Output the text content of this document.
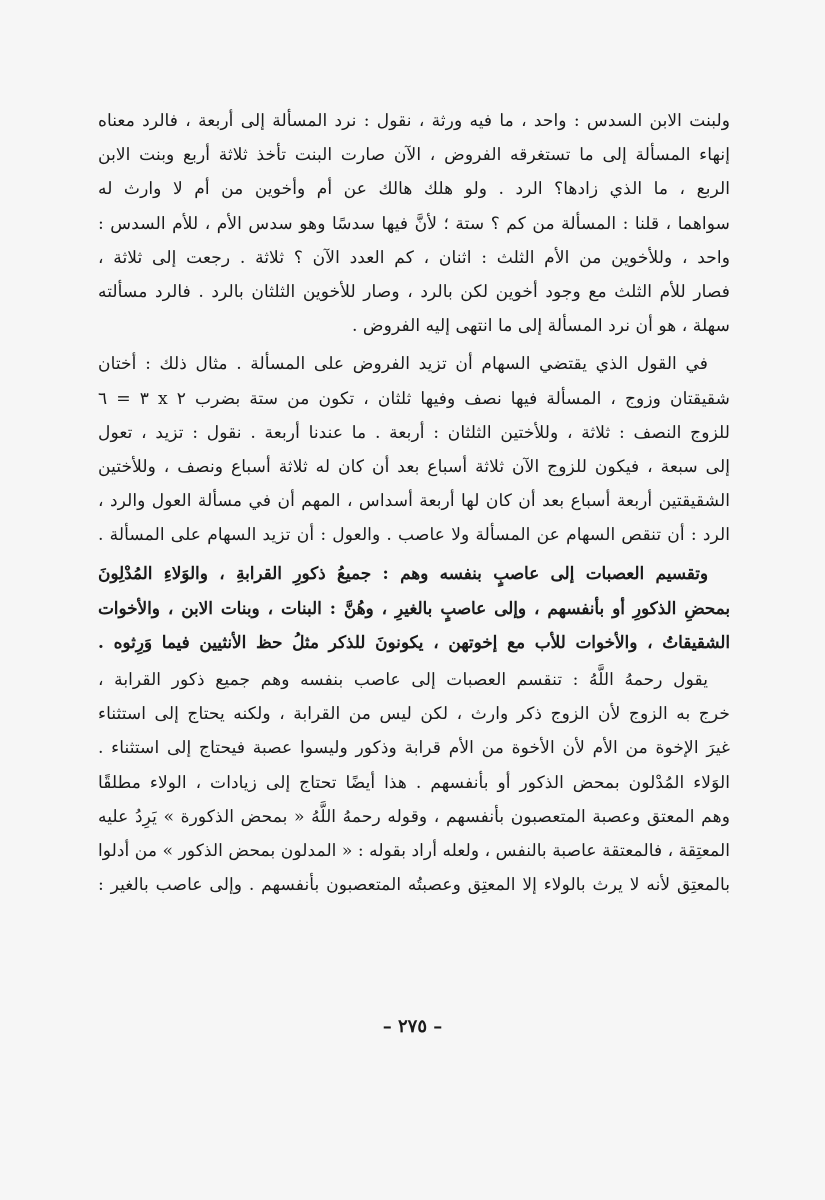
ولبنت الابن السدس : واحد ، ما فيه ورثة ، نقول : نرد المسألة إلى أربعة ، فالرد معناه
إنهاء المسألة إلى ما تستغرقه الفروض ، الآن صارت البنت تأخذ ثلاثة أربع وبنت الابن
الربع ، ما الذي زادها؟ الرد . ولو هلك هالك عن أم وأخوين من أم لا وارث له
سواهما ، قلنا : المسألة من كم ؟ ستة ؛ لأنَّ فيها سدسًا وهو سدس الأم ، للأم السدس :
واحد ، وللأخوين من الأم الثلث : اثنان ، كم العدد الآن ؟ ثلاثة . رجعت إلى ثلاثة ،
فصار للأم الثلث مع وجود أخوين لكن بالرد ، وصار للأخوين الثلثان بالرد . فالرد مسألته
سهلة ، هو أن نرد المسألة إلى ما انتهى إليه الفروض .
في القول الذي يقتضي السهام أن تزيد الفروض على المسألة . مثال ذلك : أختان
شقيقتان وزوج ، المسألة فيها نصف وفيها ثلثان ، تكون من ستة بضرب ٢ x ٣ = ٦
للزوج النصف : ثلاثة ، وللأختين الثلثان : أربعة . ما عندنا أربعة . نقول : تزيد ، تعول
إلى سبعة ، فيكون للزوج الآن ثلاثة أسباع بعد أن كان له ثلاثة أسباع ونصف ، وللأختين
الشقيقتين أربعة أسباع بعد أن كان لها أربعة أسداس ، المهم أن في مسألة العول والرد ،
الرد : أن تنقص السهام عن المسألة ولا عاصب . والعول : أن تزيد السهام على المسألة .
وتقسيم العصبات إلى عاصبٍ بنفسه وهم : جميعُ ذكورِ القرابةِ ، والوَلاءِ المُدْلِونَ
بمحضِ الذكورِ أو بأنفسهم ، وإلى عاصبٍ بالغيرِ ، وهُنَّ : البنات ، وبنات الابن ، والأخوات
الشقيقاتُ ، والأخوات للأب مع إخوتهن ، يكونونَ للذكر مثلُ حظ الأنثيين فيما وَرِثوه .
يقول رحمهُ اللَّهُ : تنقسم العصبات إلى عاصب بنفسه وهم جميع ذكور القرابة ،
خرج به الزوج لأن الزوج ذكر وارث ، لكن ليس من القرابة ، ولكنه يحتاج إلى استثناء
غيرَ الإخوة من الأم لأن الأخوة من الأم قرابة وذكور وليسوا عصبة فيحتاج إلى استثناء .
الوَلاء المُدْلون بمحض الذكور أو بأنفسهم . هذا أيضًا تحتاج إلى زيادات ، الولاء مطلقًا
وهم المعتق وعصبة المتعصبون بأنفسهم ، وقوله رحمهُ اللَّهُ « بمحض الذكورة » يَرِدُ عليه
المعتِقة ، فالمعتقة عاصبة بالنفس ، ولعله أراد بقوله : « المدلون بمحض الذكور » من أدلوا
بالمعتِق لأنه لا يرث بالولاء إلا المعتِق وعصبتُه المتعصبون بأنفسهم . وإلى عاصب بالغير :
– ٢٧٥ –
